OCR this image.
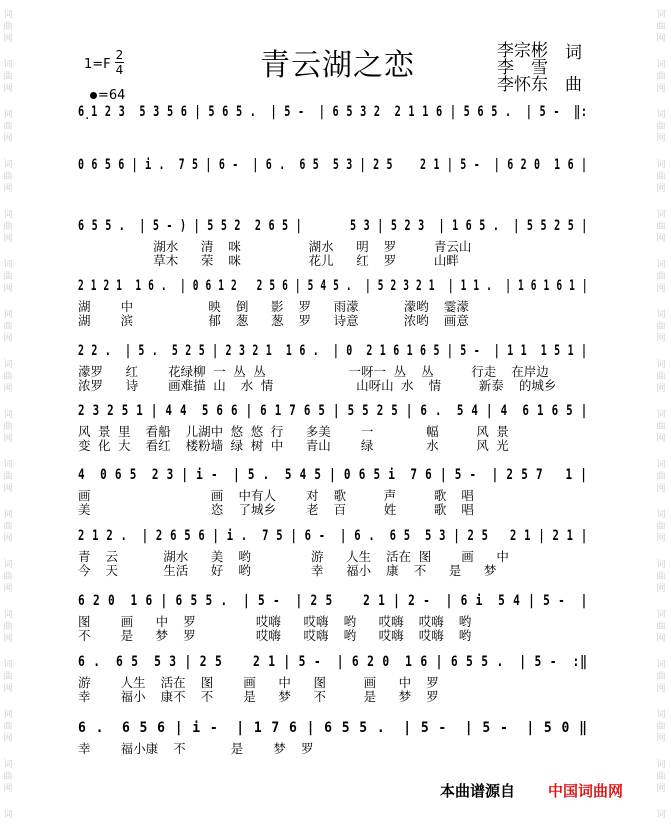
词
曲
网
词
曲
网
词
曲
网
词
曲
网
词
曲
网
词
曲
网
词
曲
网
词
曲
网
词
曲
网
词
曲
网
词
曲
网
词
曲
网
词
曲
网
词
曲
网
词
曲
网
词
曲
网
词
词
曲
网
词
曲
网
词
曲
网
词
曲
网
词
曲
网
词
曲
网
词
曲
网
词
曲
网
词
曲
网
词
曲
网
词
曲
网
词
曲
网
词
曲
网
词
曲
网
词
曲
网
词
曲
网
词
青云湖之恋	李宗彬 词
李　雪
李怀东 曲
1=F
2
4
=64
6̣1 2 3  5 3 5 6 | 5 6 5 .  | 5 -  | 6 5 3 2  2 1 1 6 | 5 6 5 .  | 5 -  ‖:
0 6 5 6 | i .  7 5 | 6 -  | 6 .  6 5  5 3 | 2 5    2 1 | 5 -  | 6 2 0  1 6 |
6 5 5 .  | 5 - ) | 5 5 2  2 6 5 |       5 3 | 5 2 3  | 1 6 5 .  | 5 5 2 5 |
湖水   清  咪         湖水   明  罗     青云山
草木   荣  咪         花儿   红  罗     山畔
2 1 2 1  1 6 .  | 0 6 1 2   2 5 6 | 5 4 5 .  | 5 2 3 2 1  | 1 1 .  | 1 6 1 6 1 |
湖    中          映  倒   影  罗   雨濛      濛哟  霎濛
湖    滨          郁  葱   葱  罗   诗意      浓哟  画意
2 2 .  | 5 .  5 2 5 | 2 3 2 1  1 6 .  | 0  2 1 6 1 6 5 | 5 -  | 1 1  1 5 1 |
濛罗   红    花绿柳 一 丛 丛           一呀一 丛  丛     行走  在岸边
浓罗   诗    画难描 山  水 情           山呀山 水  情     新泰  的城乡
2 3 2 5 1 | 4 4  5 6 6 | 6 1 7 6 5 | 5 5 2 5 | 6 .  5 4 | 4  6 1 6 5 |
风 景 里  看船  儿湖中 悠 悠 行   多美    一       幅     风 景
变 化 大  看红  楼粉墙 绿 树 中   青山    绿       水     风 光
4  0 6 5  2 3 | i -  | 5 .  5 4 5 | 0 6 5 i  7 6 | 5 -  | 2 5 7   1 |
画                画  中有人    对  歌     声     歌  唱
美                恣  了城乡    老  百     姓     歌  唱
2 1 2 .  | 2 6 5 6 | i .  7 5 | 6 -  | 6 .  6 5  5 3 | 2 5   2 1 | 2 1 |
青  云      湖水   美  哟        游   人生  活在 图    画   中
今  天      生活   好  哟        幸   福小  康  不   是   梦
6 2 0  1 6 | 6 5 5 .  | 5 -  | 2 5    2 1 | 2 -  | 6 i  5 4 | 5 -  |
图    画   中  罗        哎嗨   哎嗨  哟   哎嗨  哎嗨  哟
不    是   梦  罗        哎嗨   哎嗨  哟   哎嗨  哎嗨  哟
6 .  6 5  5 3 | 2 5    2 1 | 5 -  | 6 2 0  1 6 | 6 5 5 .  | 5 -  :‖
游    人生  活在  图    画   中   图     画   中  罗
幸    福小  康不  不    是   梦   不     是   梦  罗
6 .  6 5 6 | i -  | 1 7 6 | 6 5 5 .  | 5 -  | 5 -  | 5 0 ‖
幸    福小康  不      是    梦  罗
本曲谱源自 中国词曲网
